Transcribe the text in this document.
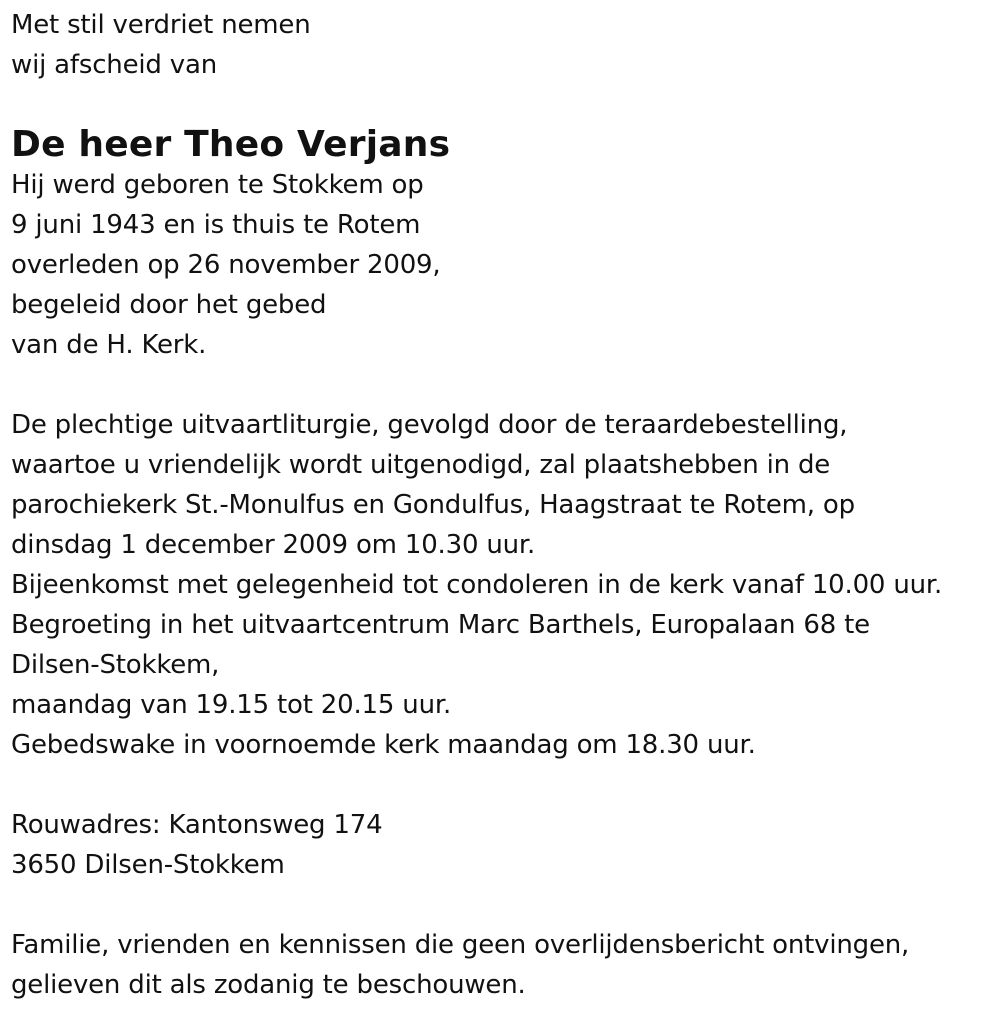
Met stil verdriet nemen
wij afscheid van
De heer Theo Verjans
Hij werd geboren te Stokkem op
9 juni 1943 en is thuis te Rotem
overleden op 26 november 2009,
begeleid door het gebed
van de H. Kerk.
De plechtige uitvaartliturgie, gevolgd door de teraardebestelling,
waartoe u vriendelijk wordt uitgenodigd, zal plaatshebben in de
parochiekerk St.-Monulfus en Gondulfus, Haagstraat te Rotem, op
dinsdag 1 december 2009 om 10.30 uur.
Bijeenkomst met gelegenheid tot condoleren in de kerk vanaf 10.00 uur.
Begroeting in het uitvaartcentrum Marc Barthels, Europalaan 68 te
Dilsen-Stokkem,
maandag van 19.15 tot 20.15 uur.
Gebedswake in voornoemde kerk maandag om 18.30 uur.
Rouwadres: Kantonsweg 174
3650 Dilsen-Stokkem
Familie, vrienden en kennissen die geen overlijdensbericht ontvingen,
gelieven dit als zodanig te beschouwen.
